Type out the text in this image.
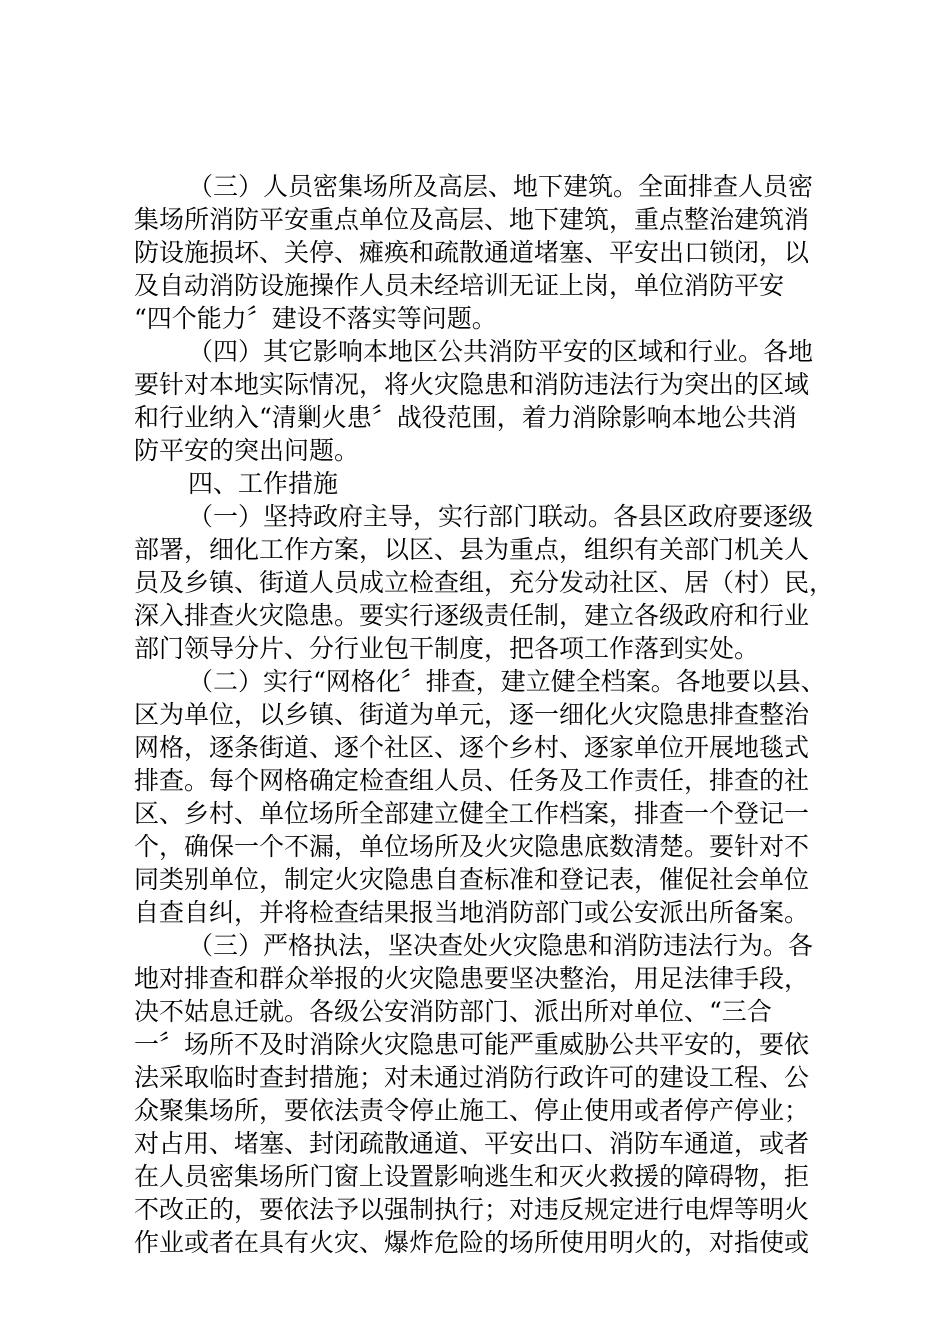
（三）人员密集场所及高层、地下建筑。全面排查人员密
集场所消防平安重点单位及高层、地下建筑，重点整治建筑消
防设施损坏、关停、瘫痪和疏散通道堵塞、平安出口锁闭，以
及自动消防设施操作人员未经培训无证上岗，单位消防平安
“四个能力〞建设不落实等问题。
（四）其它影响本地区公共消防平安的区域和行业。各地
要针对本地实际情况，将火灾隐患和消防违法行为突出的区域
和行业纳入“清剿火患〞战役范围，着力消除影响本地公共消
防平安的突出问题。
四、工作措施
（一）坚持政府主导，实行部门联动。各县区政府要逐级
部署，细化工作方案，以区、县为重点，组织有关部门机关人
员及乡镇、街道人员成立检查组，充分发动社区、居（村）民，
深入排查火灾隐患。要实行逐级责任制，建立各级政府和行业
部门领导分片、分行业包干制度，把各项工作落到实处。
（二）实行“网格化〞排查，建立健全档案。各地要以县、
区为单位，以乡镇、街道为单元，逐一细化火灾隐患排查整治
网格，逐条街道、逐个社区、逐个乡村、逐家单位开展地毯式
排查。每个网格确定检查组人员、任务及工作责任，排查的社
区、乡村、单位场所全部建立健全工作档案，排查一个登记一
个，确保一个不漏，单位场所及火灾隐患底数清楚。要针对不
同类别单位，制定火灾隐患自查标准和登记表，催促社会单位
自查自纠，并将检查结果报当地消防部门或公安派出所备案。
（三）严格执法，坚决查处火灾隐患和消防违法行为。各
地对排查和群众举报的火灾隐患要坚决整治，用足法律手段，
决不姑息迁就。各级公安消防部门、派出所对单位、“三合
一〞场所不及时消除火灾隐患可能严重威胁公共平安的，要依
法采取临时查封措施；对未通过消防行政许可的建设工程、公
众聚集场所，要依法责令停止施工、停止使用或者停产停业；
对占用、堵塞、封闭疏散通道、平安出口、消防车通道，或者
在人员密集场所门窗上设置影响逃生和灭火救援的障碍物，拒
不改正的，要依法予以强制执行；对违反规定进行电焊等明火
作业或者在具有火灾、爆炸危险的场所使用明火的，对指使或
